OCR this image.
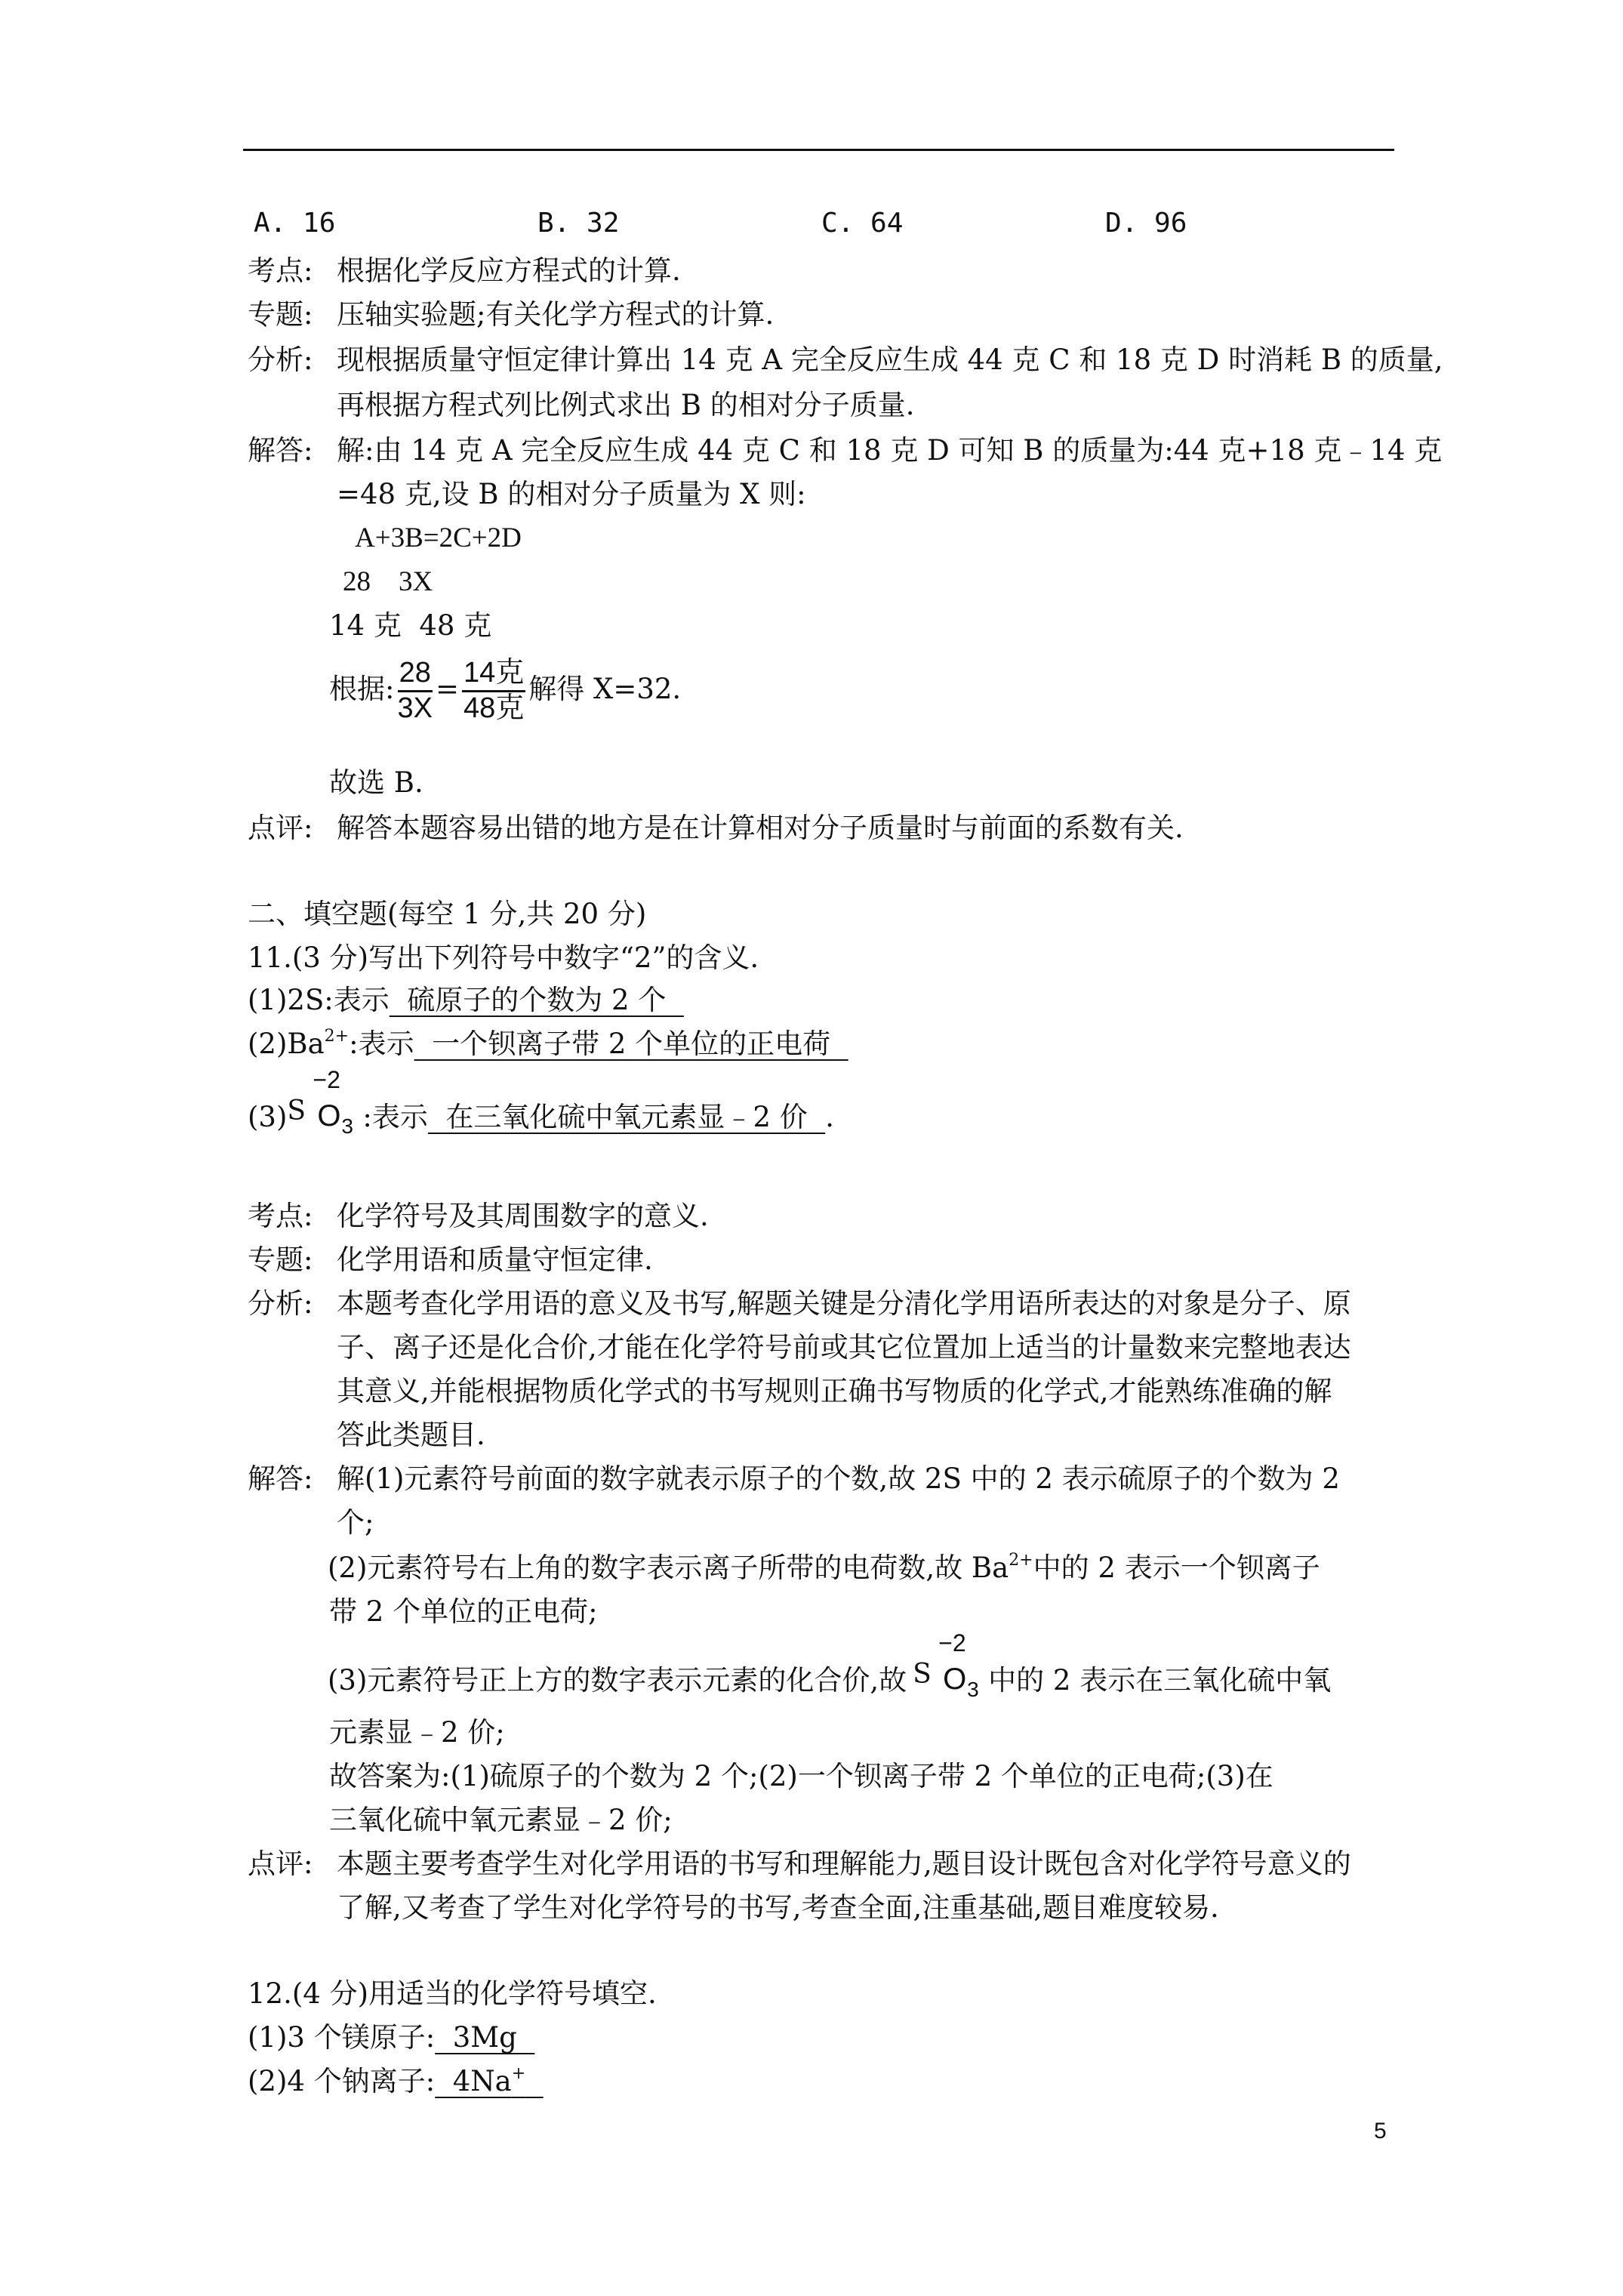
A. 16	B. 32	C. 64	D. 96
考点: 根据化学反应方程式的计算.
专题: 压轴实验题;有关化学方程式的计算.
分析: 现根据质量守恒定律计算出 14 克 A 完全反应生成 44 克 C 和 18 克 D 时消耗 B 的质量,
再根据方程式列比例式求出 B 的相对分子质量.
解答: 解:由 14 克 A 完全反应生成 44 克 C 和 18 克 D 可知 B 的质量为:44 克+18 克﹣14 克
=48 克,设 B 的相对分子质量为 X 则:
A+3B=2C+2D
28    3X
14 克  48 克
根据: $\frac{28}{3X} = \frac{\text{14克}}{\text{48克}}$ 解得 X=32.
故选 B.
点评: 解答本题容易出错的地方是在计算相对分子质量时与前面的系数有关.
二、填空题(每空 1 分,共 20 分)
11.(3 分)写出下列符号中数字“2”的含义.
(1)2S:表示  硫原子的个数为 2 个
$(2)Ba^{2+}$:表示  一个钡离子带 2 个单位的正电荷
(3) S
−2
O 3 :表示  在三氧化硫中氧元素显﹣2 价  .
考点: 化学符号及其周围数字的意义.
专题: 化学用语和质量守恒定律.
分析: 本题考查化学用语的意义及书写,解题关键是分清化学用语所表达的对象是分子、原
子、离子还是化合价,才能在化学符号前或其它位置加上适当的计量数来完整地表达
其意义,并能根据物质化学式的书写规则正确书写物质的化学式,才能熟练准确的解
答此类题目.
解答: 解(1)元素符号前面的数字就表示原子的个数,故 2S 中的 2 表示硫原子的个数为 2
个;
(2)元素符号右上角的数字表示离子所带的电荷数,故 $Ba^{2+}$中的 2 表示一个钡离子
带 2 个单位的正电荷;
(3)元素符号正上方的数字表示元素的化合价,故 S
−2
O 3 中的 2 表示在三氧化硫中氧
元素显﹣2 价;
故答案为:(1)硫原子的个数为 2 个;(2)一个钡离子带 2 个单位的正电荷;(3)在
三氧化硫中氧元素显﹣2 价;
点评: 本题主要考查学生对化学用语的书写和理解能力,题目设计既包含对化学符号意义的
了解,又考查了学生对化学符号的书写,考查全面,注重基础,题目难度较易.
12.(4 分)用适当的化学符号填空.
(1)3 个镁原子:  3Mg
(2)4 个钠离子:  4Na+
5
